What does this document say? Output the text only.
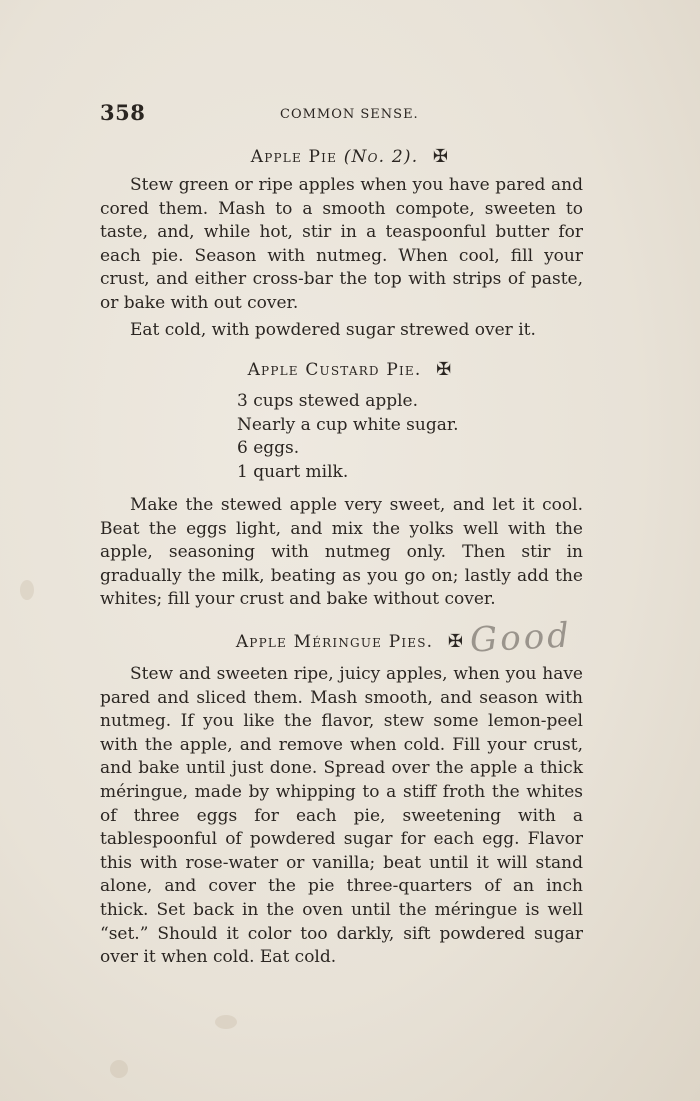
358	COMMON SENSE.
Apple Pie (No. 2). ✠

Stew green or ripe apples when you have pared and cored them. Mash to a smooth compote, sweeten to taste, and, while hot, stir in a teaspoonful butter for each pie. Season with nutmeg. When cool, fill your crust, and either cross-bar the top with strips of paste, or bake with out cover.

Eat cold, with powdered sugar strewed over it.

Apple Custard Pie. ✠
3 cups stewed apple.
Nearly a cup white sugar.
6 eggs.
1 quart milk.

Make the stewed apple very sweet, and let it cool. Beat the eggs light, and mix the yolks well with the apple, seasoning with nutmeg only. Then stir in gradually the milk, beating as you go on; lastly add the whites; fill your crust and bake without cover.

Apple Méringue Pies. ✠ Good

Stew and sweeten ripe, juicy apples, when you have pared and sliced them. Mash smooth, and season with nutmeg. If you like the flavor, stew some lemon-peel with the apple, and remove when cold. Fill your crust, and bake until just done. Spread over the apple a thick méringue, made by whipping to a stiff froth the whites of three eggs for each pie, sweetening with a tablespoonful of powdered sugar for each egg. Flavor this with rose-water or vanilla; beat until it will stand alone, and cover the pie three-quarters of an inch thick. Set back in the oven until the méringue is well “set.” Should it color too darkly, sift powdered sugar over it when cold. Eat cold.
